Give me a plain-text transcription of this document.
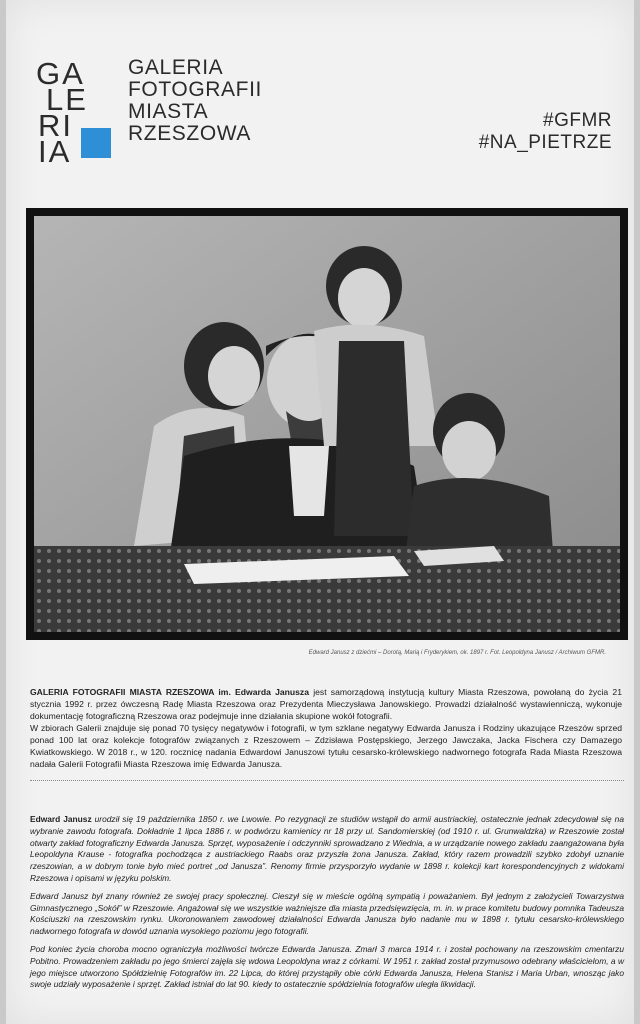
GA
LE
RI
IA
GALERIA
FOTOGRAFII
MIASTA
RZESZOWA
#GFMR
#NA_PIETRZE
Edward Janusz z dziećmi – Dorotą, Marią i Fryderykiem, ok. 1897 r. Fot. Leopoldyna Janusz / Archiwum GFMR.

GALERIA FOTOGRAFII MIASTA RZESZOWA im. Edwarda Janusza jest samorządową instytucją kultury Miasta Rzeszowa, powołaną do życia 21 stycznia 1992 r. przez ówczesną Radę Miasta Rzeszowa oraz Prezydenta Mieczysława Janowskiego. Prowadzi działalność wystawienniczą, wykonuje dokumentację fotograficzną Rzeszowa oraz podejmuje inne działania skupione wokół fotografii.

W zbiorach Galerii znajduje się ponad 70 tysięcy negatywów i fotografii, w tym szklane negatywy Edwarda Janusza i Rodziny ukazujące Rzeszów sprzed ponad 100 lat oraz kolekcje fotografów związanych z Rzeszowem – Zdzisława Postępskiego, Jerzego Jawczaka, Jacka Fischera czy Damazego Kwiatkowskiego. W 2018 r., w 120. rocznicę nadania Edwardowi Januszowi tytułu cesarsko-królewskiego nadwornego fotografa Rada Miasta Rzeszowa nadała Galerii Fotografii Miasta Rzeszowa imię Edwarda Janusza.

Edward Janusz urodził się 19 października 1850 r. we Lwowie. Po rezygnacji ze studiów wstąpił do armii austriackiej, ostatecznie jednak zdecydował się na wybranie zawodu fotografa. Dokładnie 1 lipca 1886 r. w podwórzu kamienicy nr 18 przy ul. Sandomierskiej (od 1910 r. ul. Grunwaldzka) w Rzeszowie został otwarty zakład fotograficzny Edwarda Janusza. Sprzęt, wyposażenie i odczynniki sprowadzano z Wiednia, a w urządzanie nowego zakładu zaangażowana była Leopoldyna Krause - fotografka pochodząca z austriackiego Raabs oraz przyszła żona Janusza. Zakład, który razem prowadzili szybko zdobył uznanie rzeszowian, a w dobrym tonie było mieć portret „od Janusza”. Renomy firmie przysporzyło wydanie w 1898 r. kolekcji kart korespondencyjnych z widokami Rzeszowa i opisami w języku polskim.

Edward Janusz był znany również ze swojej pracy społecznej. Cieszył się w mieście ogólną sympatią i poważaniem. Był jednym z założycieli Towarzystwa Gimnastycznego „Sokół” w Rzeszowie. Angażował się we wszystkie ważniejsze dla miasta przedsięwzięcia, m. in. w prace komitetu budowy pomnika Tadeusza Kościuszki na rzeszowskim rynku. Ukoronowaniem zawodowej działalności Edwarda Janusza było nadanie mu w 1898 r. tytułu cesarsko-królewskiego nadwornego fotografa w dowód uznania wysokiego poziomu jego fotografii.

Pod koniec życia choroba mocno ograniczyła możliwości twórcze Edwarda Janusza. Zmarł 3 marca 1914 r. i został pochowany na rzeszowskim cmentarzu Pobitno. Prowadzeniem zakładu po jego śmierci zajęła się wdowa Leopoldyna wraz z córkami. W 1951 r. zakład został przymusowo odebrany właścicielom, a w jego miejsce utworzono Spółdzielnię Fotografów im. 22 Lipca, do której przystąpiły obie córki Edwarda Janusza, Helena Stanisz i Maria Urban, wnosząc jako swoje udziały wyposażenie i sprzęt. Zakład istniał do lat 90. kiedy to ostatecznie spółdzielnia fotografów uległa likwidacji.
